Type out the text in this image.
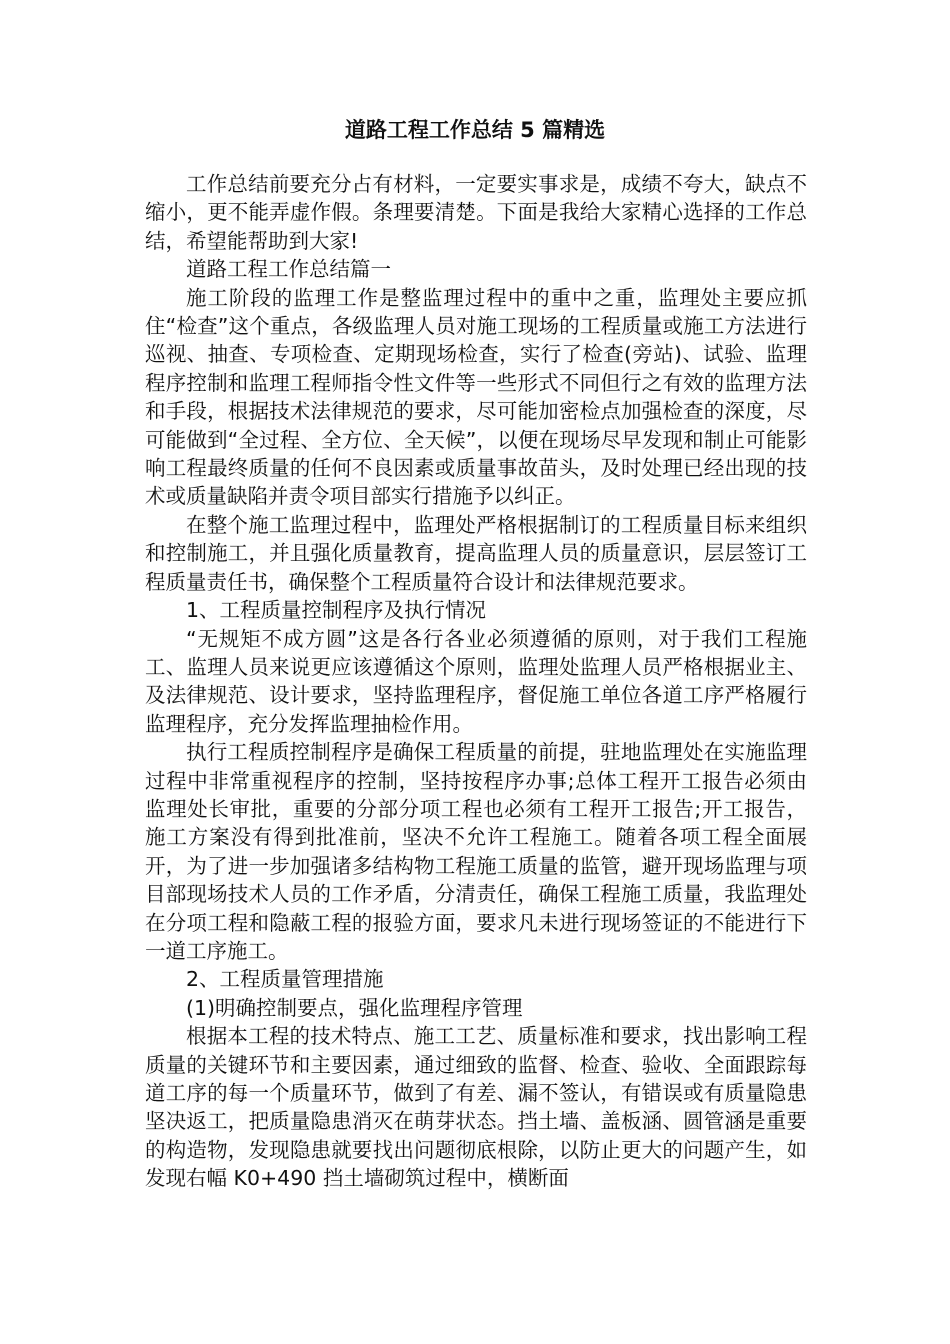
道路工程工作总结 5 篇精选

工作总结前要充分占有材料，一定要实事求是，成绩不夸大，缺点不缩小，更不能弄虚作假。条理要清楚。下面是我给大家精心选择的工作总结，希望能帮助到大家!

道路工程工作总结篇一

施工阶段的监理工作是整监理过程中的重中之重，监理处主要应抓住“检查”这个重点，各级监理人员对施工现场的工程质量或施工方法进行巡视、抽查、专项检查、定期现场检查，实行了检查(旁站)、试验、监理程序控制和监理工程师指令性文件等一些形式不同但行之有效的监理方法和手段，根据技术法律规范的要求，尽可能加密检点加强检查的深度，尽可能做到“全过程、全方位、全天候”，以便在现场尽早发现和制止可能影响工程最终质量的任何不良因素或质量事故苗头，及时处理已经出现的技术或质量缺陷并责令项目部实行措施予以纠正。

在整个施工监理过程中，监理处严格根据制订的工程质量目标来组织和控制施工，并且强化质量教育，提高监理人员的质量意识，层层签订工程质量责任书，确保整个工程质量符合设计和法律规范要求。

1、工程质量控制程序及执行情况

“无规矩不成方圆”这是各行各业必须遵循的原则，对于我们工程施工、监理人员来说更应该遵循这个原则，监理处监理人员严格根据业主、及法律规范、设计要求，坚持监理程序，督促施工单位各道工序严格履行监理程序，充分发挥监理抽检作用。

执行工程质控制程序是确保工程质量的前提，驻地监理处在实施监理过程中非常重视程序的控制，坚持按程序办事;总体工程开工报告必须由监理处长审批，重要的分部分项工程也必须有工程开工报告;开工报告，施工方案没有得到批准前，坚决不允许工程施工。随着各项工程全面展开，为了进一步加强诸多结构物工程施工质量的监管，避开现场监理与项目部现场技术人员的工作矛盾，分清责任，确保工程施工质量，我监理处在分项工程和隐蔽工程的报验方面，要求凡未进行现场签证的不能进行下一道工序施工。

2、工程质量管理措施

(1)明确控制要点，强化监理程序管理

根据本工程的技术特点、施工工艺、质量标准和要求，找出影响工程质量的关键环节和主要因素，通过细致的监督、检查、验收、全面跟踪每道工序的每一个质量环节，做到了有差、漏不签认，有错误或有质量隐患坚决返工，把质量隐患消灭在萌芽状态。挡土墙、盖板涵、圆管涵是重要的构造物，发现隐患就要找出问题彻底根除，以防止更大的问题产生，如发现右幅 K0+490 挡土墙砌筑过程中，横断面
